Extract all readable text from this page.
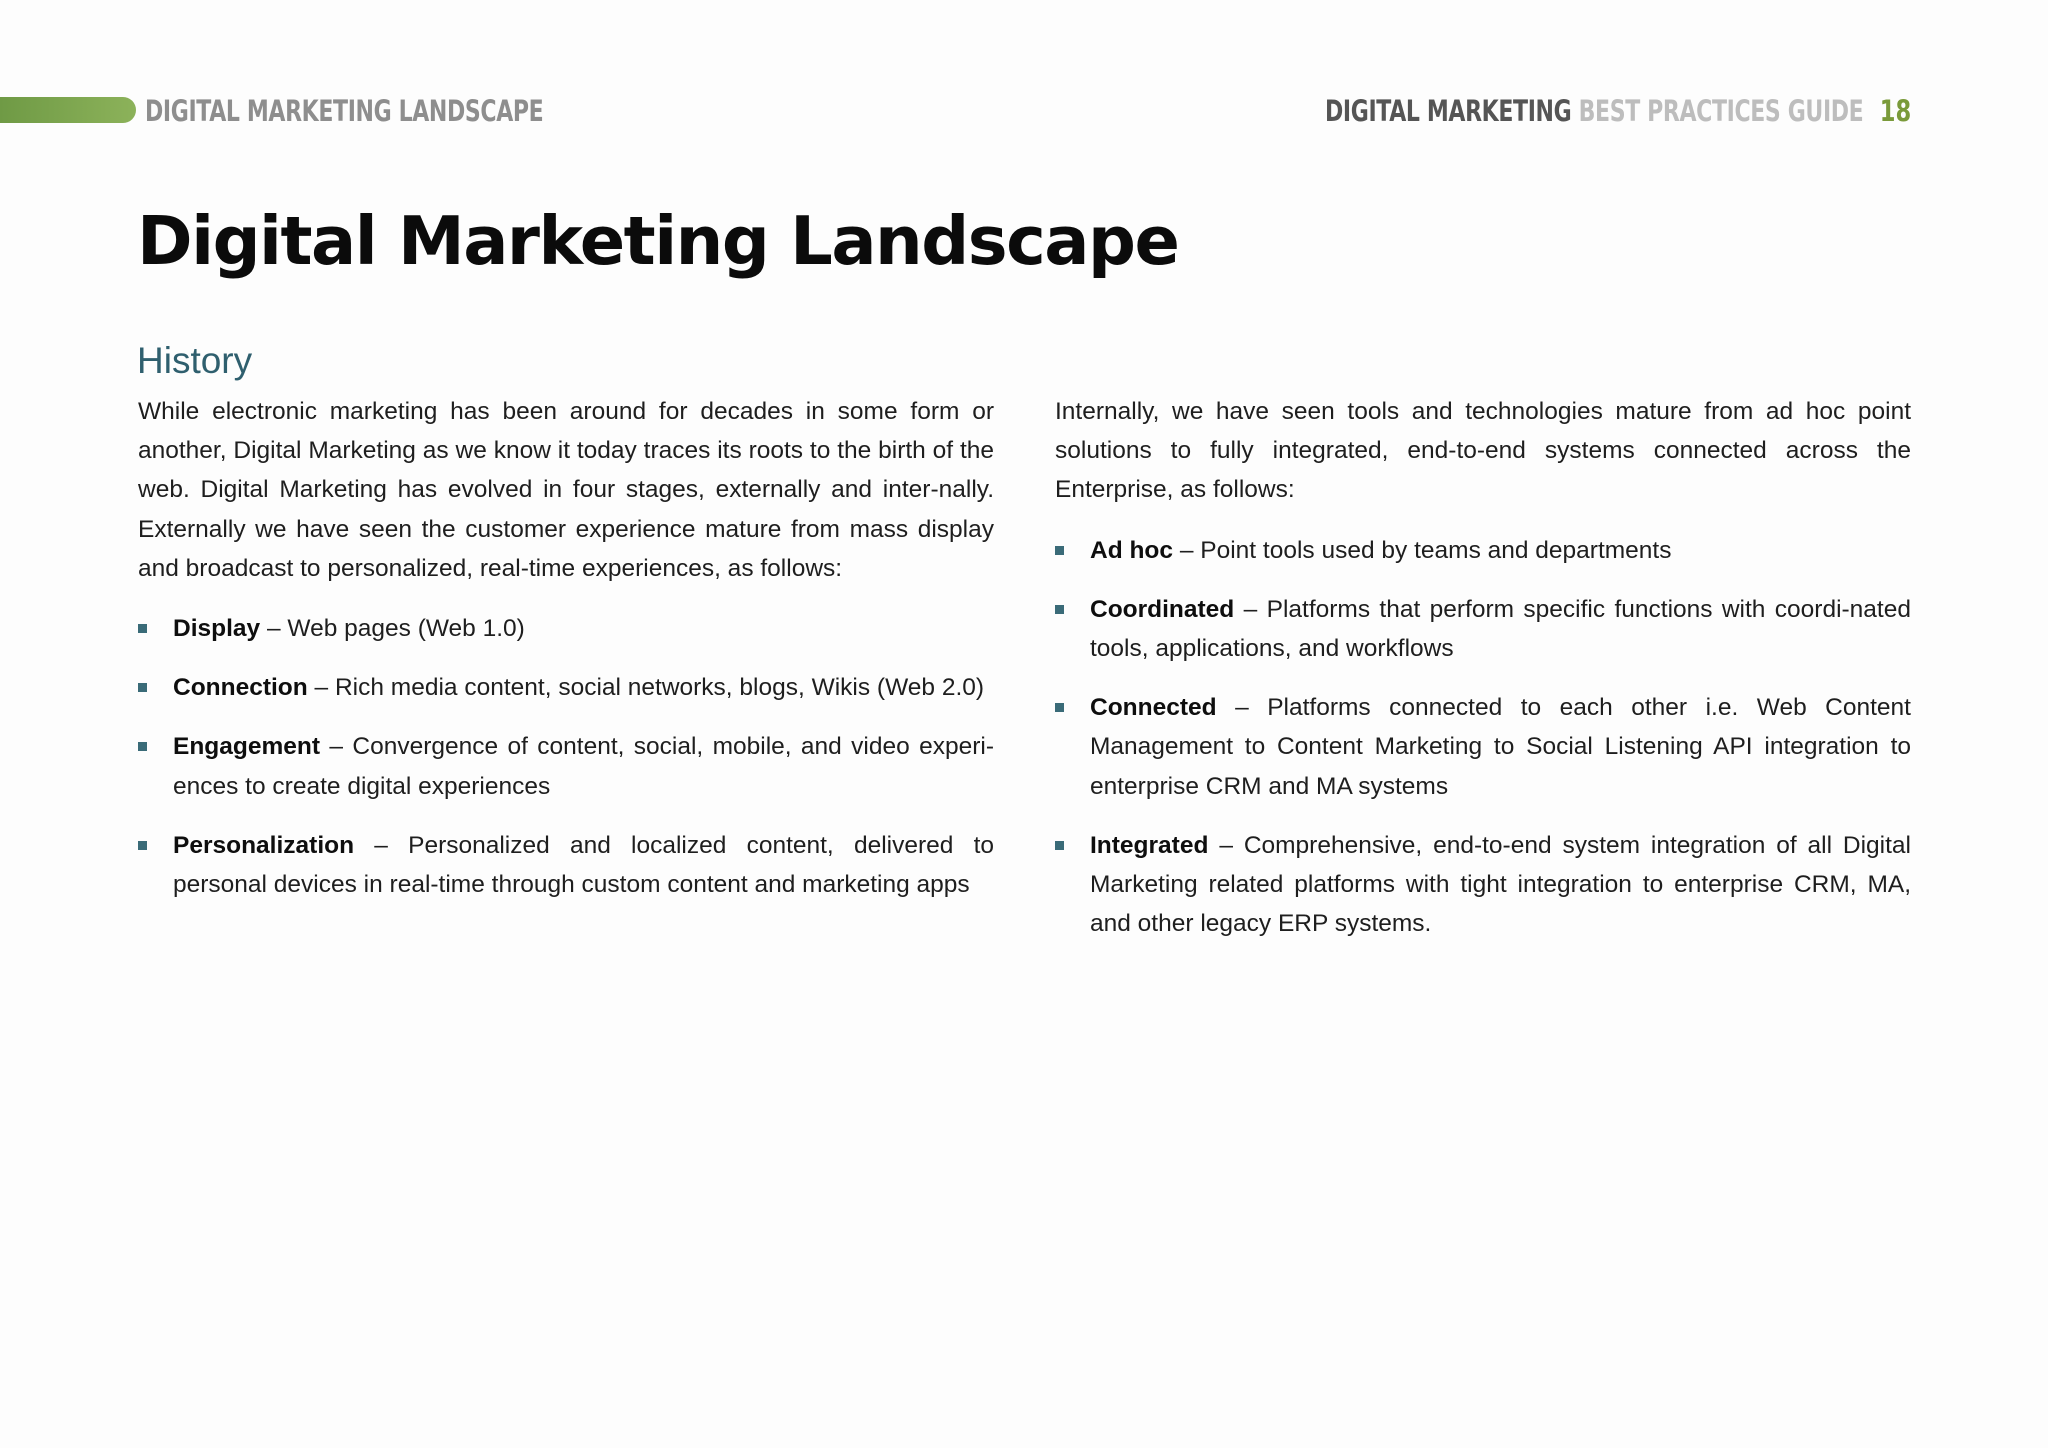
DIGITAL MARKETING LANDSCAPE	DIGITAL MARKETING BEST PRACTICES GUIDE 18
Digital Marketing Landscape
History

While electronic marketing has been around for decades in some form or another, Digital Marketing as we know it today traces its roots to the birth of the web. Digital Marketing has evolved in four stages, externally and inter-nally. Externally we have seen the customer experience mature from mass display and broadcast to personalized, real-time experiences, as follows:

Display – Web pages (Web 1.0)
Connection – Rich media content, social networks, blogs, Wikis (Web 2.0)
Engagement – Convergence of content, social, mobile, and video experi-ences to create digital experiences
Personalization – Personalized and localized content, delivered to personal devices in real-time through custom content and marketing apps

Internally, we have seen tools and technologies mature from ad hoc point solutions to fully integrated, end-to-end systems connected across the Enterprise, as follows:

Ad hoc – Point tools used by teams and departments
Coordinated – Platforms that perform specific functions with coordi-nated tools, applications, and workflows
Connected – Platforms connected to each other i.e. Web Content Management to Content Marketing to Social Listening API integration to enterprise CRM and MA systems
Integrated – Comprehensive, end-to-end system integration of all Digital Marketing related platforms with tight integration to enterprise CRM, MA, and other legacy ERP systems.
